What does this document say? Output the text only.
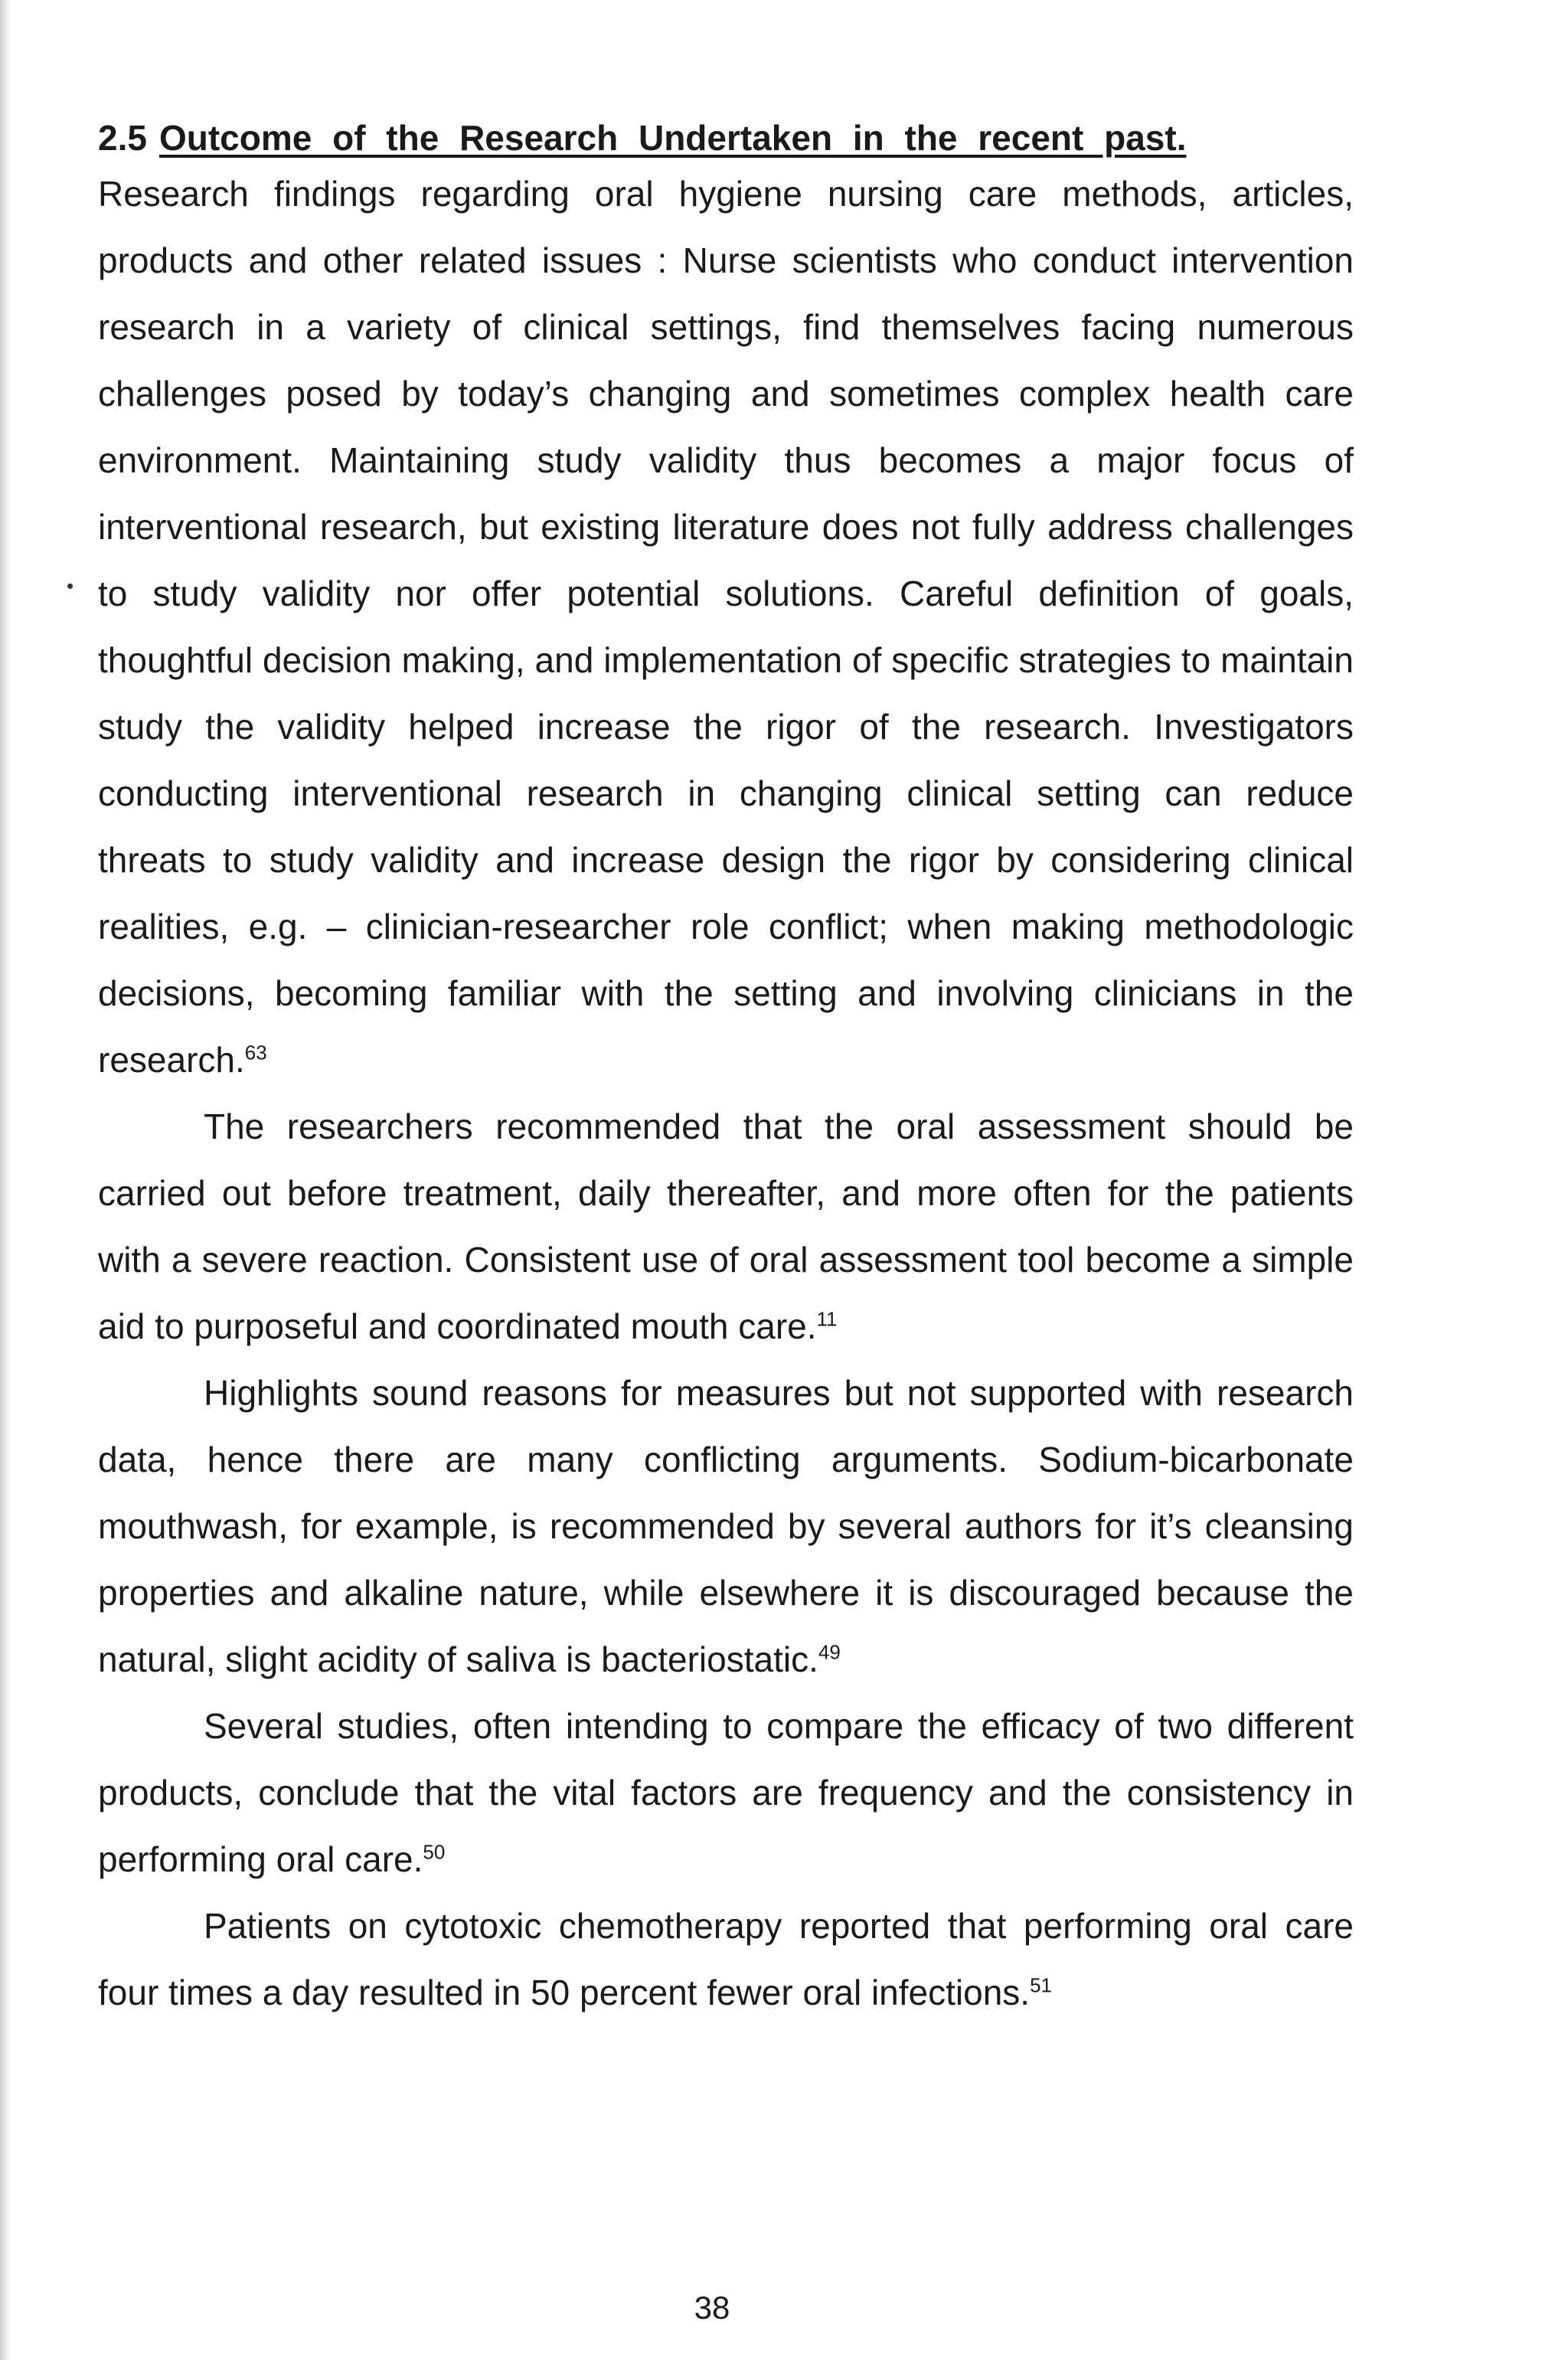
2.5 Outcome of the Research Undertaken in the recent past.

Research findings regarding oral hygiene nursing care methods, articles, products and other related issues : Nurse scientists who conduct intervention research in a variety of clinical settings, find themselves facing numerous challenges posed by today’s changing and sometimes complex health care environment. Maintaining study validity thus becomes a major focus of interventional research, but existing literature does not fully address challenges to study validity nor offer potential solutions. Careful definition of goals, thoughtful decision making, and implementation of specific strategies to maintain study the validity helped increase the rigor of the research. Investigators conducting interventional research in changing clinical setting can reduce threats to study validity and increase design the rigor by considering clinical realities, e.g. – clinician-researcher role conflict; when making methodologic decisions, becoming familiar with the setting and involving clinicians in the research.$^{63}$

The researchers recommended that the oral assessment should be carried out before treatment, daily thereafter, and more often for the patients with a severe reaction. Consistent use of oral assessment tool become a simple aid to purposeful and coordinated mouth care.$^{11}$

Highlights sound reasons for measures but not supported with research data, hence there are many conflicting arguments. Sodium-bicarbonate mouthwash, for example, is recommended by several authors for it’s cleansing properties and alkaline nature, while elsewhere it is discouraged because the natural, slight acidity of saliva is bacteriostatic.$^{49}$

Several studies, often intending to compare the efficacy of two different products, conclude that the vital factors are frequency and the consistency in performing oral care.$^{50}$

Patients on cytotoxic chemotherapy reported that performing oral care four times a day resulted in 50 percent fewer oral infections.$^{51}$

38
